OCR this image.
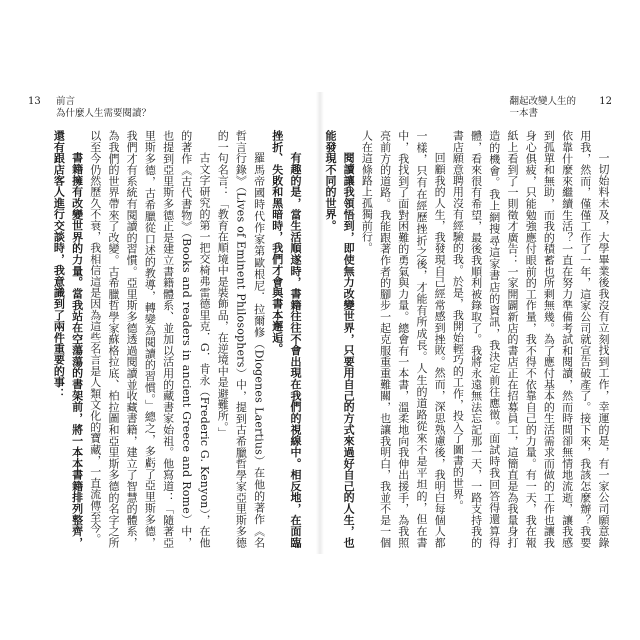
13 前言
為什麼人生需要閱讀？

有趣的是，當生活順遂時，書籍往往不會出現在我們的視線中。相反地，在面臨挫折、失敗和黑暗時，我們才會與書本邂逅。

羅馬帝國時代作家第歐根尼．拉爾修（Diogenes Laertius）在他的著作《名哲言行錄》（Lives of Eminent Philosophers）中，提到古希臘哲學家亞里斯多德的一句名言：「教育在順境中是裝飾品，在逆境中是避難所。」

古文字研究的第一把交椅弗雷德里克．G．肯永（Frederic G. Kenyon），在他的著作《古代書物》（Books and readers in ancient Greece and Rome）中，也提到亞里斯多德正是建立書籍體系、並加以活用的藏書家始祖。他寫道：「隨著亞里斯多德，古希臘從口述的教導，轉變為閱讀的習慣。」總之，多虧了亞里斯多德，我們才有系統有閱讀的習慣。亞里斯多德透過閱讀並收藏書籍，建立了智慧的體系，為我們的世界帶來了改變。古希臘哲學家蘇格拉底、柏拉圖和亞里斯多德的名字之所以至今仍然歷久不衰，我相信這是因為這些名言是人類文化的寶藏，一直流傳至今。

書籍擁有改變世界的力量。當我站在空蕩蕩的書架前，將一本本書籍排列整齊，還有跟店客人進行交談時，我意識到了兩件重要的事：

翻起改變人生的
一本書
12

一切始料未及，大學畢業後我沒有立刻找到工作，幸運的是，有一家公司願意錄用我，然而，僅僅工作了一年，這家公司就宣告破產了。接下來，我該怎麼辦？我要依靠什麼來繼續生活？一直在努力準備考試和閱讀，然而時間卻無情地流逝，讓我感到孤單和無助，而我的積蓄也所剩無幾。為了應付基本的生活需求而做的工作也讓我身心俱疲，只能勉強應付眼前的工作量，我不得不依靠自己的力量。有一天，我在報紙上看到了一則徵才廣告：一家開闢新店的書店正在招募員工，這簡直是為我量身打造的機會。我上網搜尋這家書店的資訊，我決定前往應徵。面試時我回答得還算得體，看來很有希望，最後我順利被錄取了。我將永遠無法忘記那一天，一路支持我的書店願意聘用沒有經驗的我。於是，我開始輕巧的工作，投入了圖書的世界。

回顧我的人生，我發現自己經常感到挫敗。然而，深思熟慮後，我明白每個人都一樣，只有在經歷挫折之後，才能有所成長。人生的道路從來不是平坦的，但在書中，我找到了面對困難的勇氣與力量。總會有一本書，溫柔地向我伸出援手，為我照亮前方的道路。我能跟著作者的腳步一起克服重重難關，也讓我明白，我並不是一個人在這條路上孤獨前行。

閱讀讓我領悟到，即使無力改變世界，只要用自己的方式來過好自己的人生，也能發現不同的世界。
